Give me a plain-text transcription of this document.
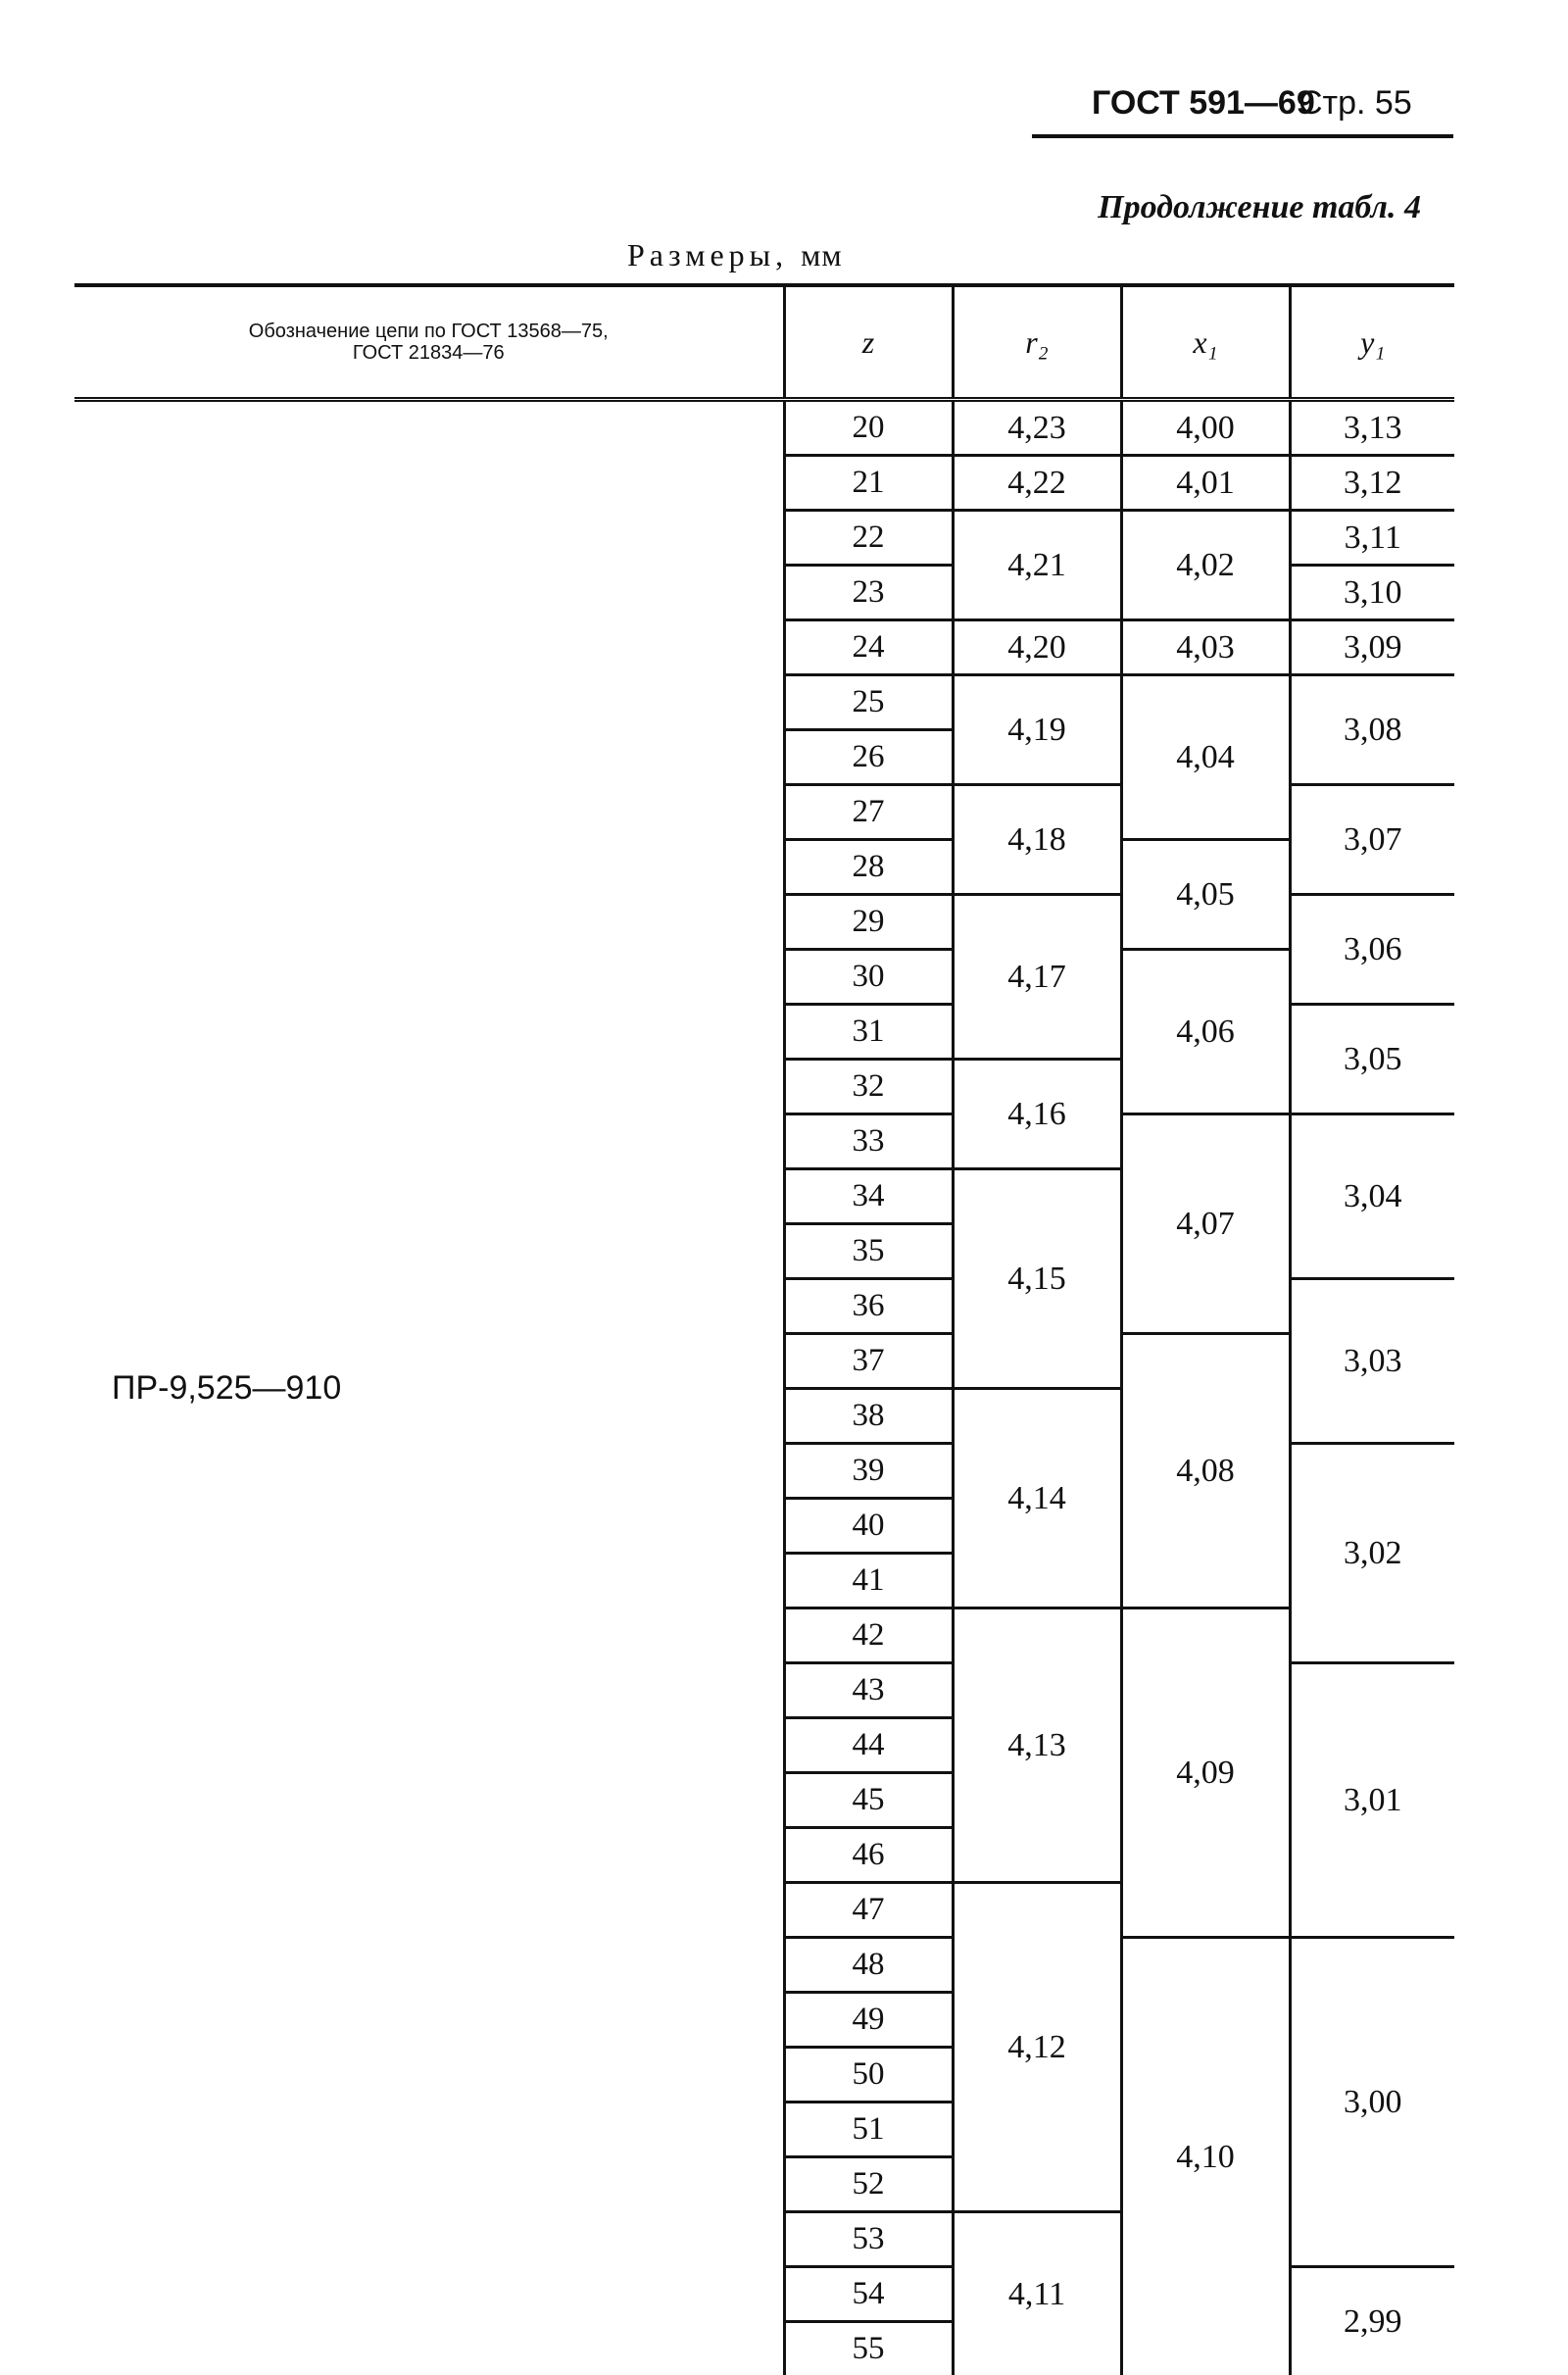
ГОСТ 591—69
Стр. 55
Продолжение табл. 4
Размеры, мм
Обозначение цепи по ГОСТ 13568—75,
ГОСТ 21834—76	z	r₂	x₁	y₁
ПР-9,525—910	20	4,23	4,00	3,13
	21	4,22	4,01	3,12
	22	4,21	4,02	3,11
	23			3,10
	24	4,20	4,03	3,09
	25	4,19	4,04	3,08
	26			
	27	4,18		3,07
	28		4,05	
	29	4,17		3,06
	30		4,06	
	31			3,05
	32	4,16		
	33		4,07	3,04
	34	4,15		
	35			
	36			3,03
	37		4,08	
	38	4,14		
	39			3,02
	40			
	41			
	42	4,13	4,09	
	43			3,01
	44			
	45			
	46			
	47	4,12		
	48		4,10	3,00
	49			
	50			
	51			
	52			
	53	4,11		
	54			2,99
	55			
